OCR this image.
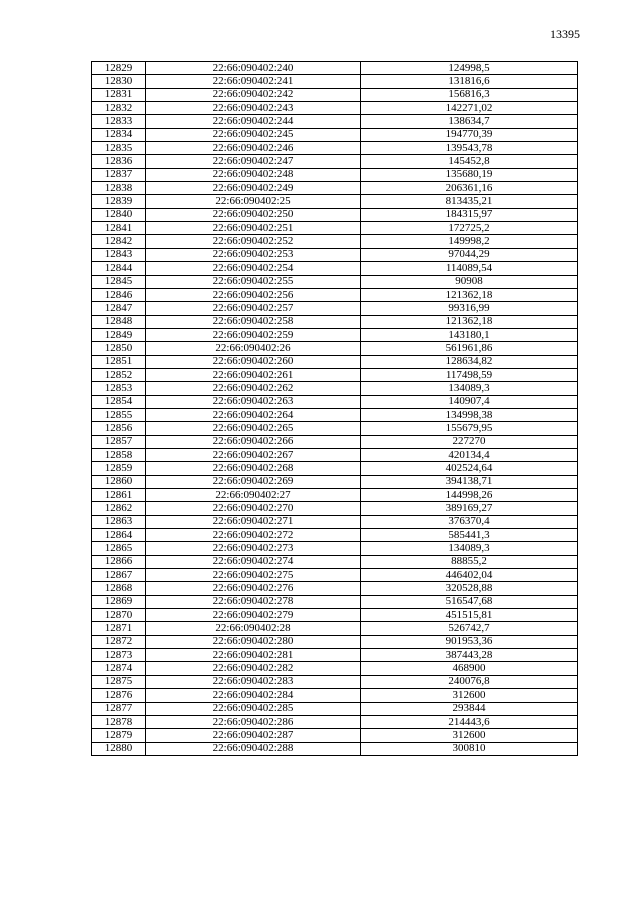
13395
12829	22:66:090402:240	124998,5
12830	22:66:090402:241	131816,6
12831	22:66:090402:242	156816,3
12832	22:66:090402:243	142271,02
12833	22:66:090402:244	138634,7
12834	22:66:090402:245	194770,39
12835	22:66:090402:246	139543,78
12836	22:66:090402:247	145452,8
12837	22:66:090402:248	135680,19
12838	22:66:090402:249	206361,16
12839	22:66:090402:25	813435,21
12840	22:66:090402:250	184315,97
12841	22:66:090402:251	172725,2
12842	22:66:090402:252	149998,2
12843	22:66:090402:253	97044,29
12844	22:66:090402:254	114089,54
12845	22:66:090402:255	90908
12846	22:66:090402:256	121362,18
12847	22:66:090402:257	99316,99
12848	22:66:090402:258	121362,18
12849	22:66:090402:259	143180,1
12850	22:66:090402:26	561961,86
12851	22:66:090402:260	128634,82
12852	22:66:090402:261	117498,59
12853	22:66:090402:262	134089,3
12854	22:66:090402:263	140907,4
12855	22:66:090402:264	134998,38
12856	22:66:090402:265	155679,95
12857	22:66:090402:266	227270
12858	22:66:090402:267	420134,4
12859	22:66:090402:268	402524,64
12860	22:66:090402:269	394138,71
12861	22:66:090402:27	144998,26
12862	22:66:090402:270	389169,27
12863	22:66:090402:271	376370,4
12864	22:66:090402:272	585441,3
12865	22:66:090402:273	134089,3
12866	22:66:090402:274	88855,2
12867	22:66:090402:275	446402,04
12868	22:66:090402:276	320528,88
12869	22:66:090402:278	516547,68
12870	22:66:090402:279	451515,81
12871	22:66:090402:28	526742,7
12872	22:66:090402:280	901953,36
12873	22:66:090402:281	387443,28
12874	22:66:090402:282	468900
12875	22:66:090402:283	240076,8
12876	22:66:090402:284	312600
12877	22:66:090402:285	293844
12878	22:66:090402:286	214443,6
12879	22:66:090402:287	312600
12880	22:66:090402:288	300810
